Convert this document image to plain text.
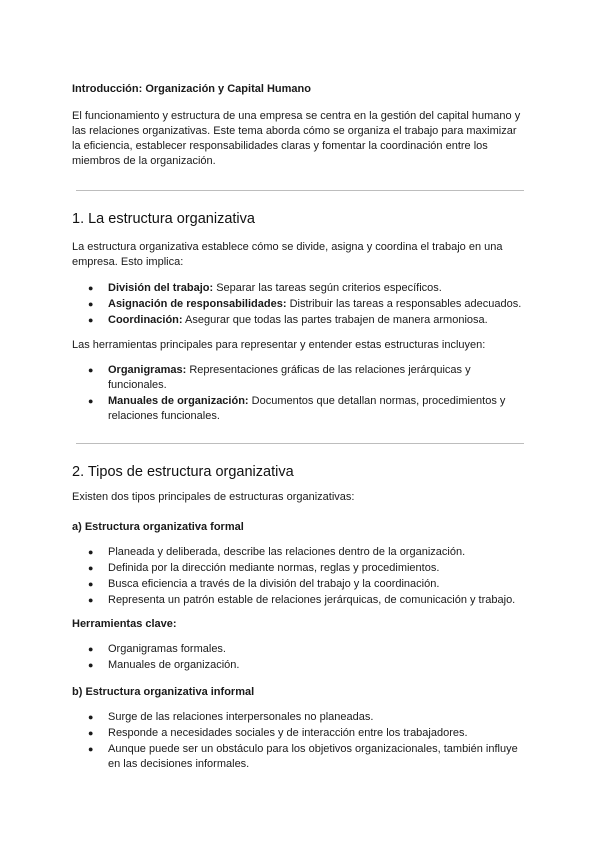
Introducción: Organización y Capital Humano

El funcionamiento y estructura de una empresa se centra en la gestión del capital humano y las relaciones organizativas. Este tema aborda cómo se organiza el trabajo para maximizar la eficiencia, establecer responsabilidades claras y fomentar la coordinación entre los miembros de la organización.

1. La estructura organizativa

La estructura organizativa establece cómo se divide, asigna y coordina el trabajo en una empresa. Esto implica:

● División del trabajo: Separar las tareas según criterios específicos.
● Asignación de responsabilidades: Distribuir las tareas a responsables adecuados.
● Coordinación: Asegurar que todas las partes trabajen de manera armoniosa.

Las herramientas principales para representar y entender estas estructuras incluyen:

● Organigramas: Representaciones gráficas de las relaciones jerárquicas y funcionales.
● Manuales de organización: Documentos que detallan normas, procedimientos y relaciones funcionales.
2. Tipos de estructura organizativa

Existen dos tipos principales de estructuras organizativas:

a) Estructura organizativa formal
● Planeada y deliberada, describe las relaciones dentro de la organización.
● Definida por la dirección mediante normas, reglas y procedimientos.
● Busca eficiencia a través de la división del trabajo y la coordinación.
● Representa un patrón estable de relaciones jerárquicas, de comunicación y trabajo.
Herramientas clave:
● Organigramas formales.
● Manuales de organización.
b) Estructura organizativa informal
● Surge de las relaciones interpersonales no planeadas.
● Responde a necesidades sociales y de interacción entre los trabajadores.
● Aunque puede ser un obstáculo para los objetivos organizacionales, también influye en las decisiones informales.
